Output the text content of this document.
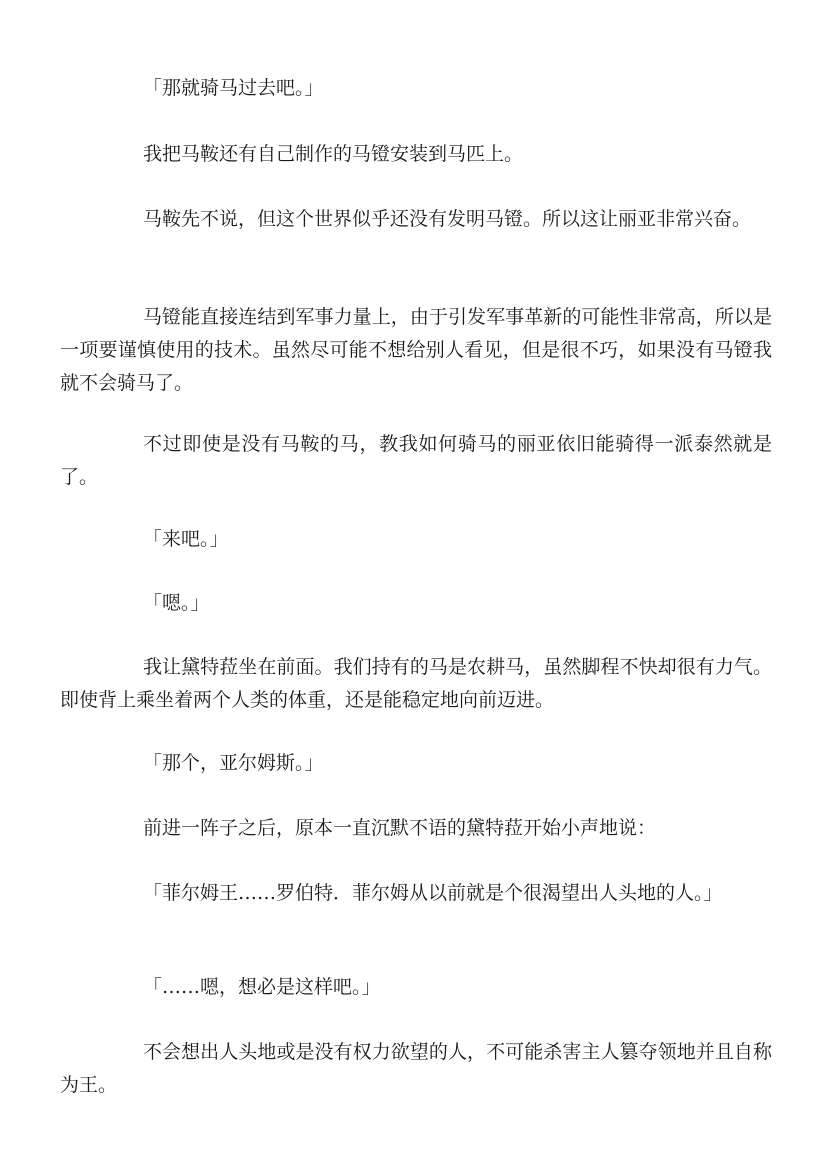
「那就骑马过去吧。」

我把马鞍还有自己制作的马镫安装到马匹上。

马鞍先不说，但这个世界似乎还没有发明马镫。所以这让丽亚非常兴奋。

马镫能直接连结到军事力量上，由于引发军事革新的可能性非常高，所以是一项要谨慎使用的技术。虽然尽可能不想给别人看见，但是很不巧，如果没有马镫我就不会骑马了。

不过即使是没有马鞍的马，教我如何骑马的丽亚依旧能骑得一派泰然就是了。

「来吧。」

「嗯。」

我让黛特菈坐在前面。我们持有的马是农耕马，虽然脚程不快却很有力气。即使背上乘坐着两个人类的体重，还是能稳定地向前迈进。

「那个，亚尔姆斯。」

前进一阵子之后，原本一直沉默不语的黛特菈开始小声地说：

「菲尔姆王……罗伯特．菲尔姆从以前就是个很渴望出人头地的人。」

「……嗯，想必是这样吧。」

不会想出人头地或是没有权力欲望的人，不可能杀害主人篡夺领地并且自称为王。
